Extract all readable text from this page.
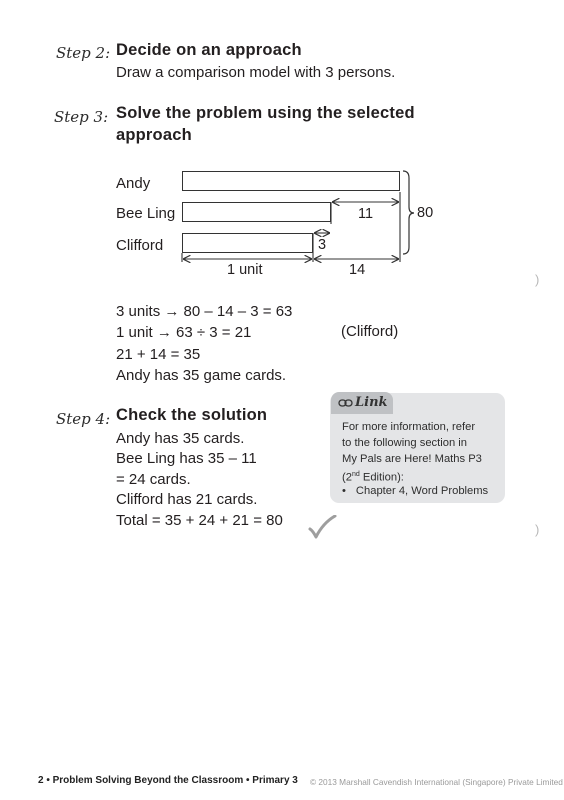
Step 2: Decide on an approach
Draw a comparison model with 3 persons.
Step 3: Solve the problem using the selected
approach
Andy
Bee Ling
Clifford
11
3
80
1 unit	14
3 units → 80 – 14 – 3 = 63
1 unit → 63 ÷ 3 = 21	(Clifford)
21 + 14 = 35
Andy has 35 game cards.
Step 4: Check the solution
Andy has 35 cards.
Bee Ling has 35 – 11
= 24 cards.
Clifford has 21 cards.
Total = 35 + 24 + 21 = 80
Link
For more information, refer
to the following section in
My Pals are Here! Maths P3
(2nd Edition):
• Chapter 4, Word Problems
)
)
2 • Problem Solving Beyond the Classroom • Primary 3 © 2013 Marshall Cavendish International (Singapore) Private Limited
